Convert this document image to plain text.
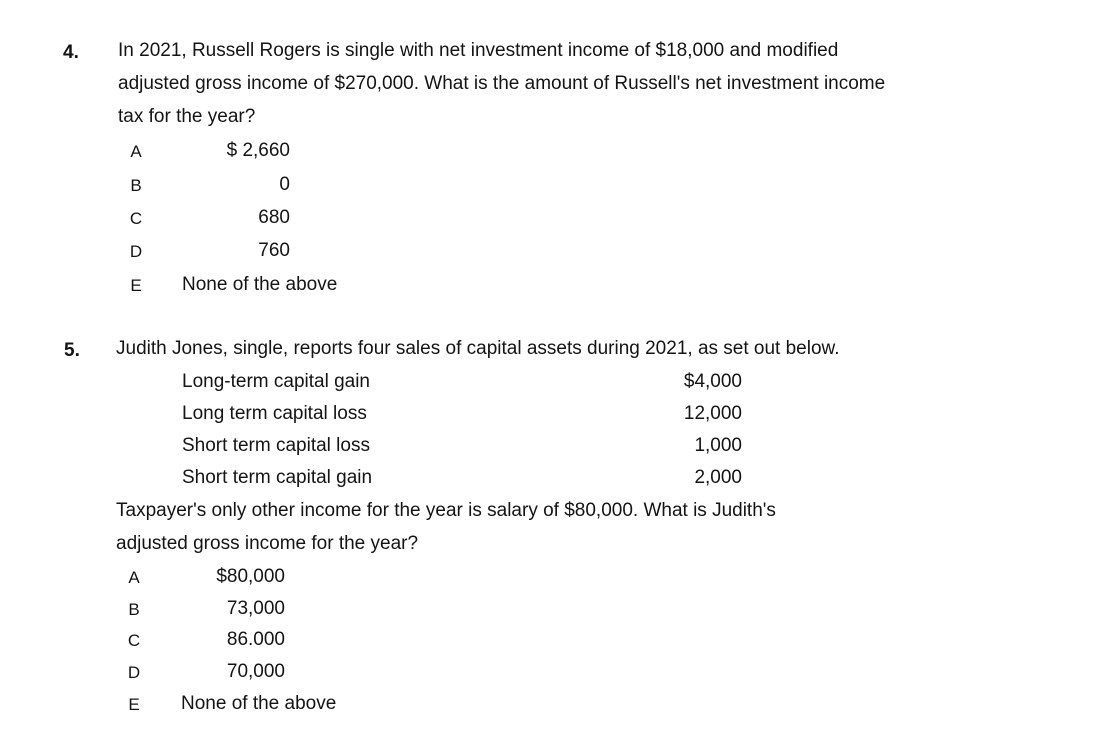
4. In 2021, Russell Rogers is single with net investment income of $18,000 and modified
adjusted gross income of $270,000. What is the amount of Russell's net investment income
tax for the year?
A	$ 2,660
B	0
C	680
D	760
E None of the above
5. Judith Jones, single, reports four sales of capital assets during 2021, as set out below.
Long-term capital gain	$4,000
Long term capital loss	12,000
Short term capital loss	1,000
Short term capital gain	2,000
Taxpayer's only other income for the year is salary of $80,000. What is Judith's
adjusted gross income for the year?
A	$80,000
B	73,000
C	86.000
D	70,000
E None of the above
